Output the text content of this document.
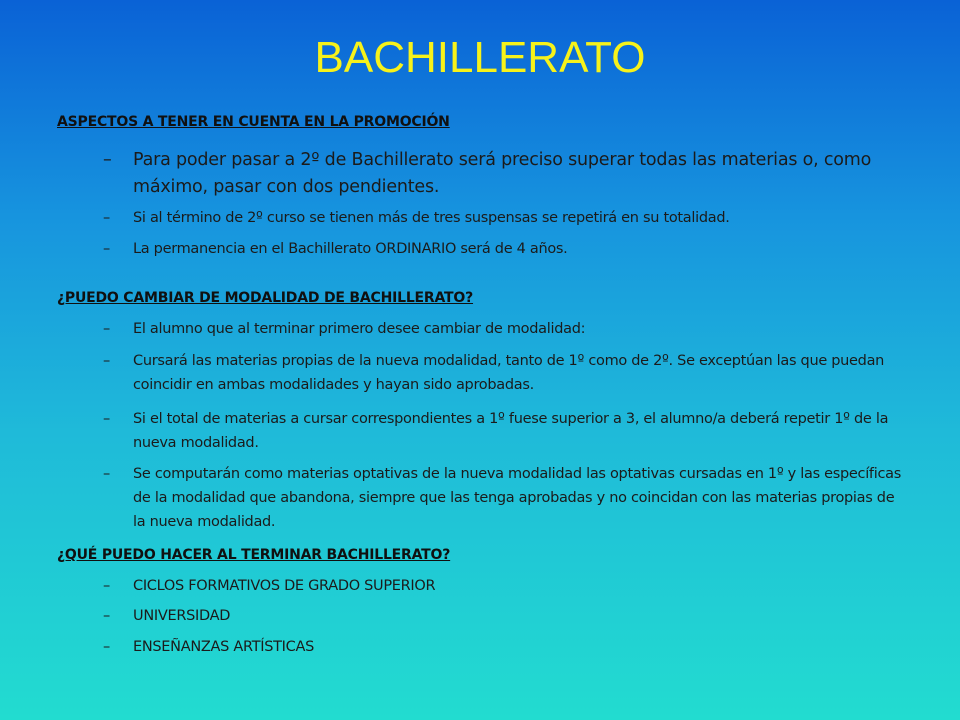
BACHILLERATO
ASPECTOS A TENER EN CUENTA EN LA PROMOCIÓN
–	Para poder pasar a 2º de Bachillerato será preciso superar todas las materias o, como máximo, pasar con dos pendientes.
–	Si al término de 2º curso se tienen más de tres suspensas se repetirá en su totalidad.
–	La permanencia en el Bachillerato ORDINARIO será de 4 años.
¿PUEDO CAMBIAR DE MODALIDAD DE BACHILLERATO?
–	El alumno que al terminar primero desee cambiar de modalidad:
–	Cursará las materias propias de la nueva modalidad, tanto de 1º como de 2º. Se exceptúan las que puedan coincidir en ambas modalidades y hayan sido aprobadas.
–	Si el total de materias a cursar correspondientes a 1º fuese superior a 3, el alumno/a deberá repetir 1º de la nueva modalidad.
–	Se computarán como materias optativas de la nueva modalidad las optativas cursadas en 1º y las específicas de la modalidad que abandona, siempre que las tenga aprobadas y no coincidan con las materias propias de la nueva modalidad.
¿QUÉ PUEDO HACER AL TERMINAR BACHILLERATO?
–	CICLOS FORMATIVOS DE GRADO SUPERIOR
–	UNIVERSIDAD
–	ENSEÑANZAS ARTÍSTICAS
